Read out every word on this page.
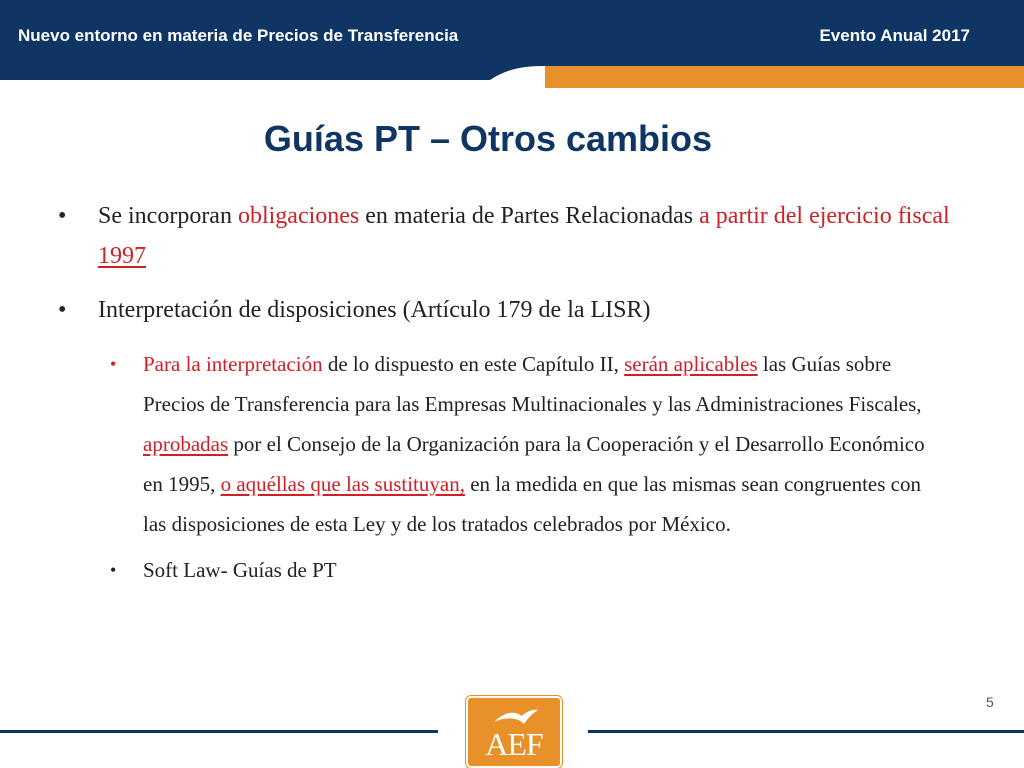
Nuevo entorno en materia de Precios de Transferencia	Evento Anual 2017
Guías PT – Otros cambios
• Se incorporan obligaciones en materia de Partes Relacionadas a partir del ejercicio fiscal 1997
• Interpretación de disposiciones (Artículo 179 de la LISR)
• Para la interpretación de lo dispuesto en este Capítulo II, serán aplicables las Guías sobre Precios de Transferencia para las Empresas Multinacionales y las Administraciones Fiscales, aprobadas por el Consejo de la Organización para la Cooperación y el Desarrollo Económico en 1995, o aquéllas que las sustituyan, en la medida en que las mismas sean congruentes con las disposiciones de esta Ley y de los tratados celebrados por México.
• Soft Law- Guías de PT
AEF
5
